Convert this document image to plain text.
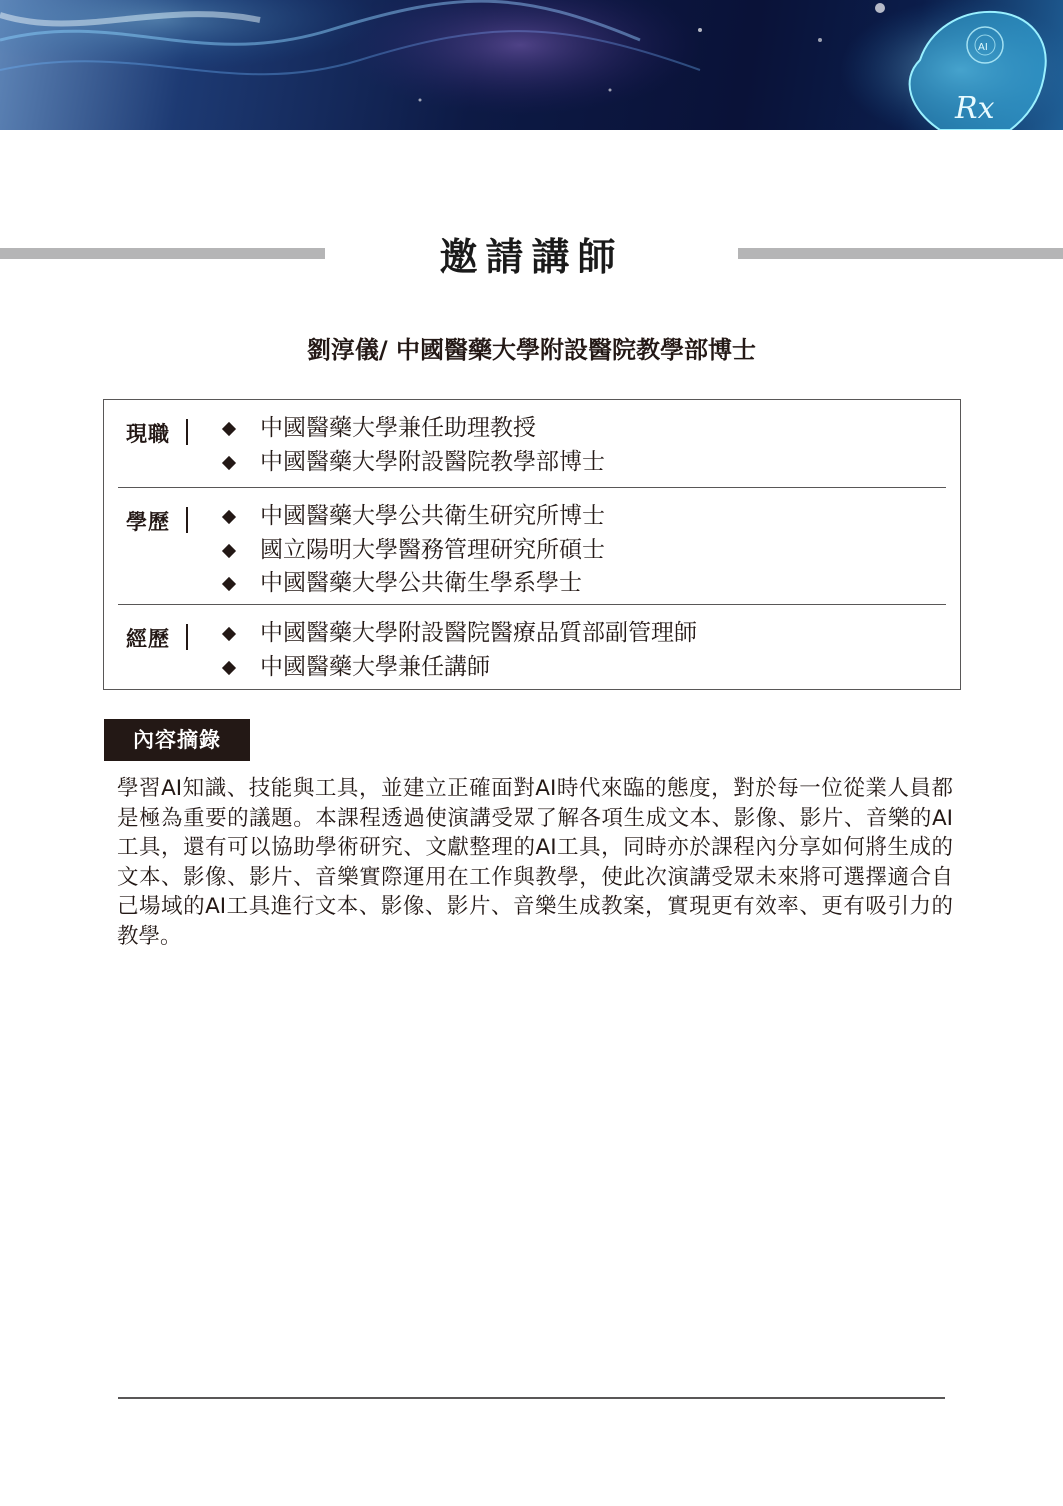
AI
Rx
邀請講師
劉淳儀/ 中國醫藥大學附設醫院教學部博士
現職	中國醫藥大學兼任助理教授
中國醫藥大學附設醫院教學部博士
學歷	中國醫藥大學公共衛生研究所博士
國立陽明大學醫務管理研究所碩士
中國醫藥大學公共衛生學系學士
經歷	中國醫藥大學附設醫院醫療品質部副管理師
中國醫藥大學兼任講師
內容摘錄

學習AI知識、技能與工具，並建立正確面對AI時代來臨的態度，對於每一位從業人員都是極為重要的議題。本課程透過使演講受眾了解各項生成文本、影像、影片、音樂的AI工具，還有可以協助學術研究、文獻整理的AI工具，同時亦於課程內分享如何將生成的文本、影像、影片、音樂實際運用在工作與教學，使此次演講受眾未來將可選擇適合自己場域的AI工具進行文本、影像、影片、音樂生成教案，實現更有效率、更有吸引力的教學。
